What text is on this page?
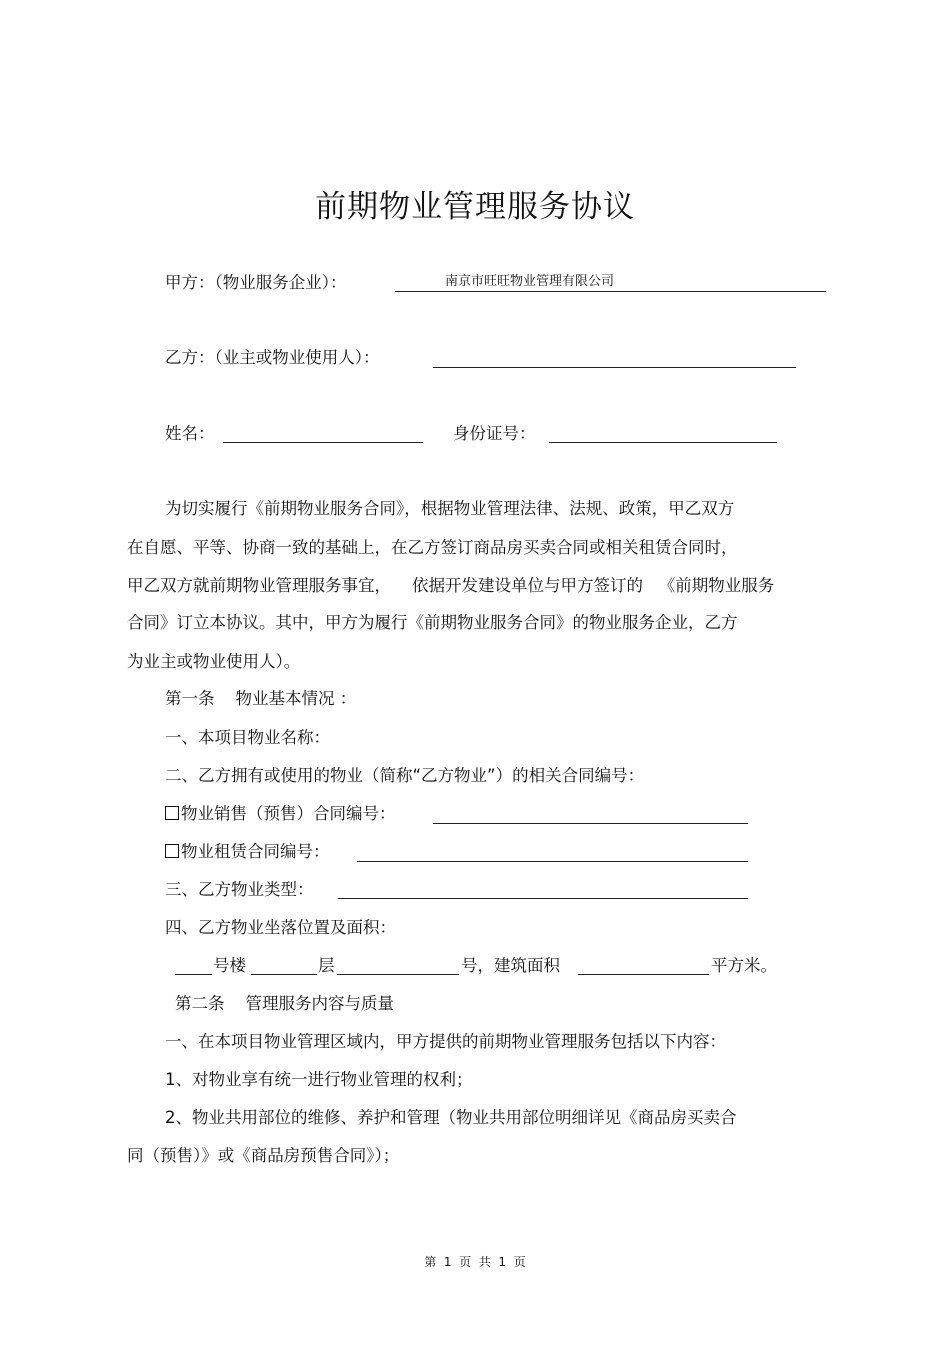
前期物业管理服务协议
甲方：（物业服务企业）：	南京市旺旺物业管理有限公司
乙方：（业主或物业使用人）：
姓名：	身份证号：
为切实履行《前期物业服务合同》，根据物业管理法律、法规、政策，甲乙双方
在自愿、平等、协商一致的基础上，在乙方签订商品房买卖合同或相关租赁合同时，
甲乙双方就前期物业管理服务事宜，    依据开发建设单位与甲方签订的   《前期物业服务
合同》订立本协议。其中，甲方为履行《前期物业服务合同》的物业服务企业，乙方
为业主或物业使用人）。
第一条    物业基本情况 ：
一、本项目物业名称：
二、乙方拥有或使用的物业（简称“乙方物业”）的相关合同编号：
物业销售（预售）合同编号：
物业租赁合同编号：
三、乙方物业类型：
四、乙方物业坐落位置及面积：
号楼	层	号，建筑面积	平方米。
第二条    管理服务内容与质量
一、在本项目物业管理区域内，甲方提供的前期物业管理服务包括以下内容：
1、对物业享有统一进行物业管理的权利；
2、物业共用部位的维修、养护和管理（物业共用部位明细详见《商品房买卖合
同（预售）》或《商品房预售合同》）；
第  1  页  共  1  页
